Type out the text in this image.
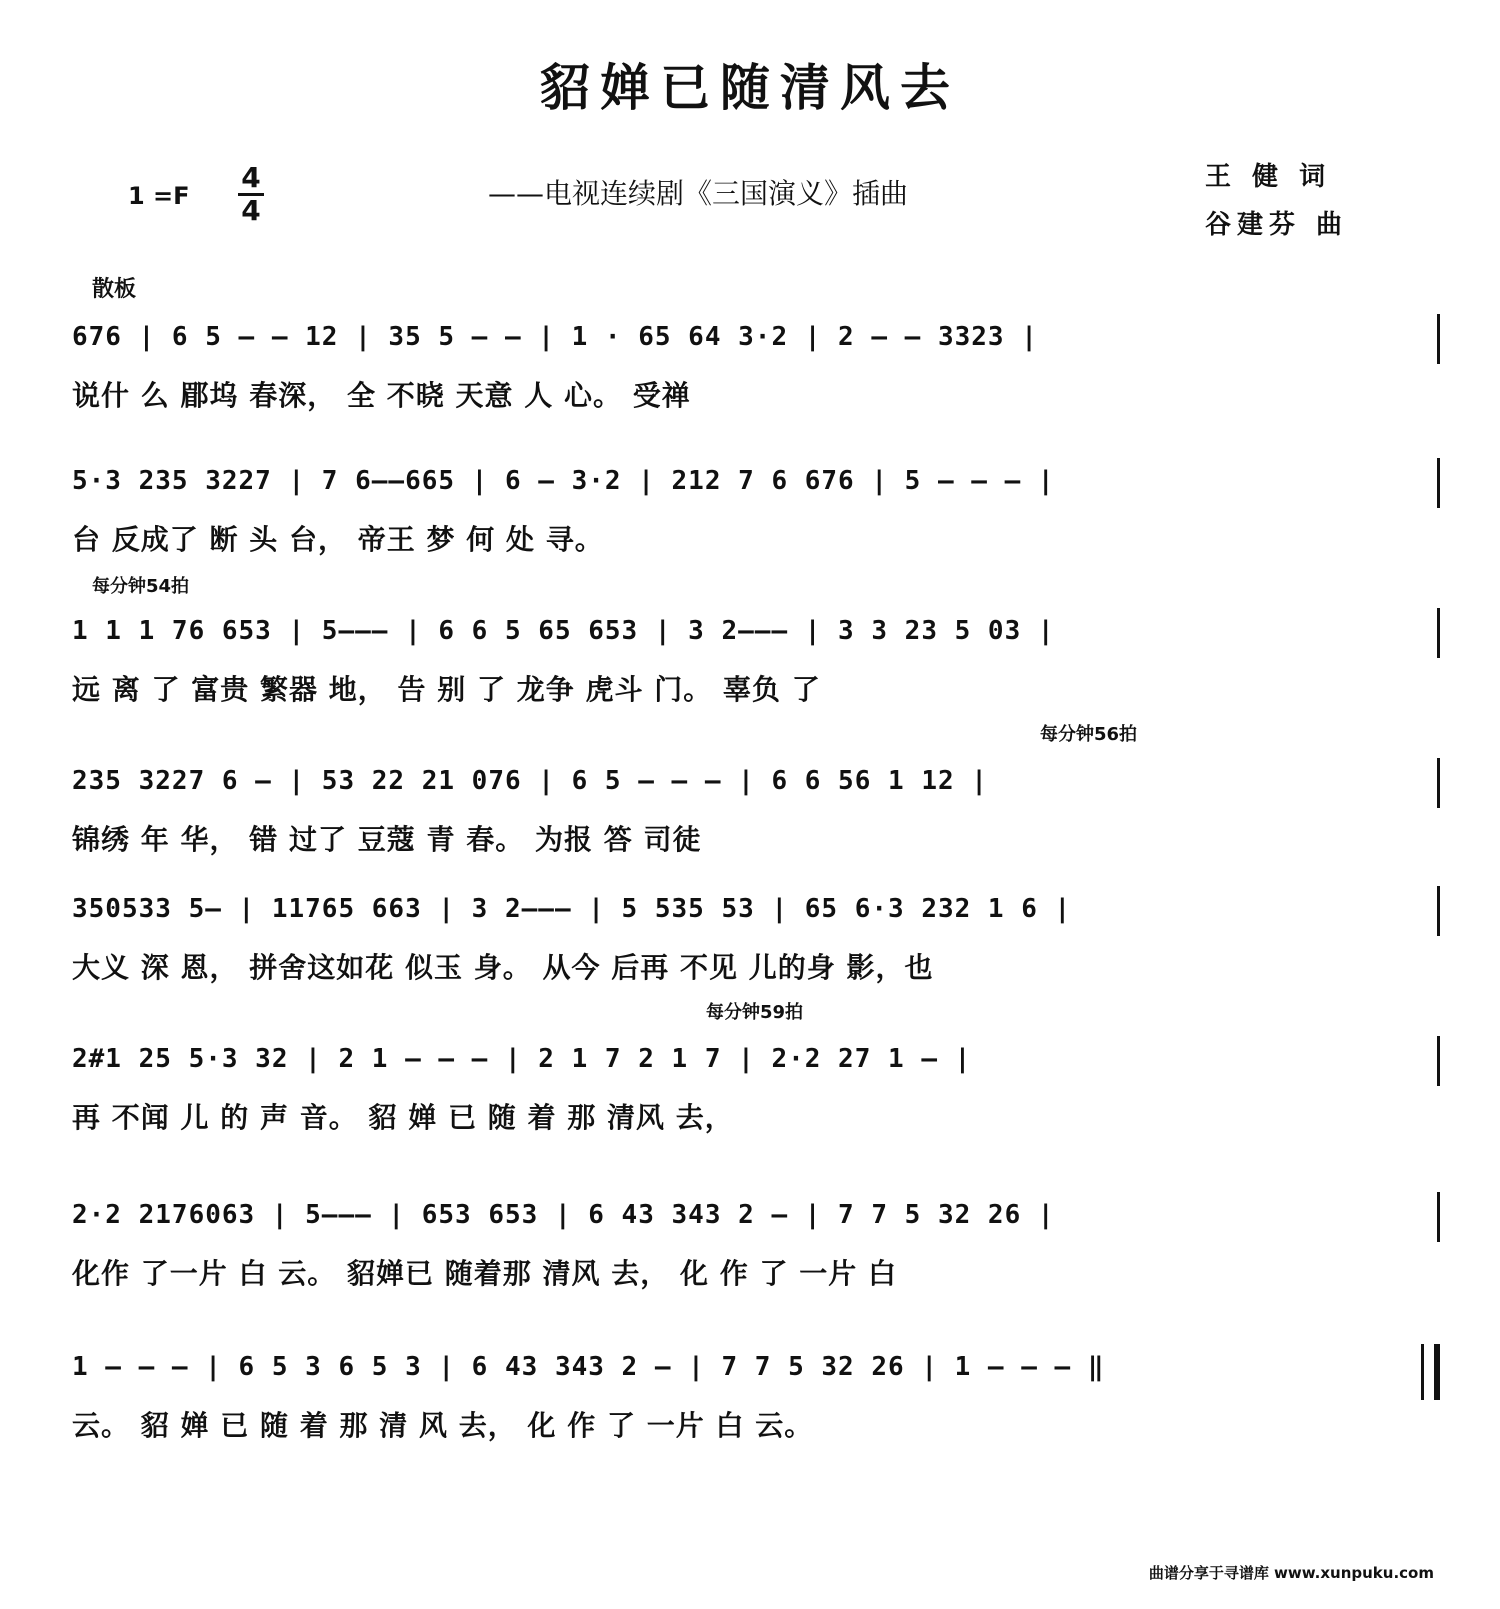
貂婵已随清风去
1 =F
4
4
——电视连续剧《三国演义》插曲	王 健 词
谷建芬 曲
散板
676 | 6 5 — — 12 | 35 5 — — | 1 · 65 64 3·2 | 2 — — 3323 |
说什 么 郿坞 春深， 全 不晓 天意 人 心。 受禅
5·3 235 3227 | 7 6——665 | 6 — 3·2 | 212 7 6 676 | 5 — — — |
台 反成了 断 头 台， 帝王 梦 何 处 寻。
每分钟54拍
1 1 1 76 653 | 5——— | 6 6 5 65 653 | 3 2——— | 3 3 23 5 03 |
远 离 了 富贵 繁器 地， 告 别 了 龙争 虎斗 门。 辜负 了
每分钟56拍
235 3227 6 — | 53 22 21 076 | 6 5 — — — | 6 6 56 1 12 |
锦绣 年 华， 错 过了 豆蔻 青 春。 为报 答 司徒
350533 5— | 11765 663 | 3 2——— | 5 535 53 | 65 6·3 232 1 6 |
大义 深 恩， 拼舍这如花 似玉 身。 从今 后再 不见 儿的身 影，也
每分钟59拍
2#1 25 5·3 32 | 2 1 — — — | 2 1 7 2 1 7 | 2·2 27 1 — |
再 不闻 儿 的 声 音。 貂 婵 已 随 着 那 清风 去，
2·2 2176063 | 5——— | 653 653 | 6 43 343 2 — | 7 7 5 32 26 |
化作 了一片 白 云。 貂婵已 随着那 清风 去， 化 作 了 一片 白
1 — — — | 6 5 3 6 5 3 | 6 43 343 2 — | 7 7 5 32 26 | 1 — — — ‖
云。 貂 婵 已 随 着 那 清 风 去， 化 作 了 一片 白 云。
曲谱分享于寻谱库 www.xunpuku.com
